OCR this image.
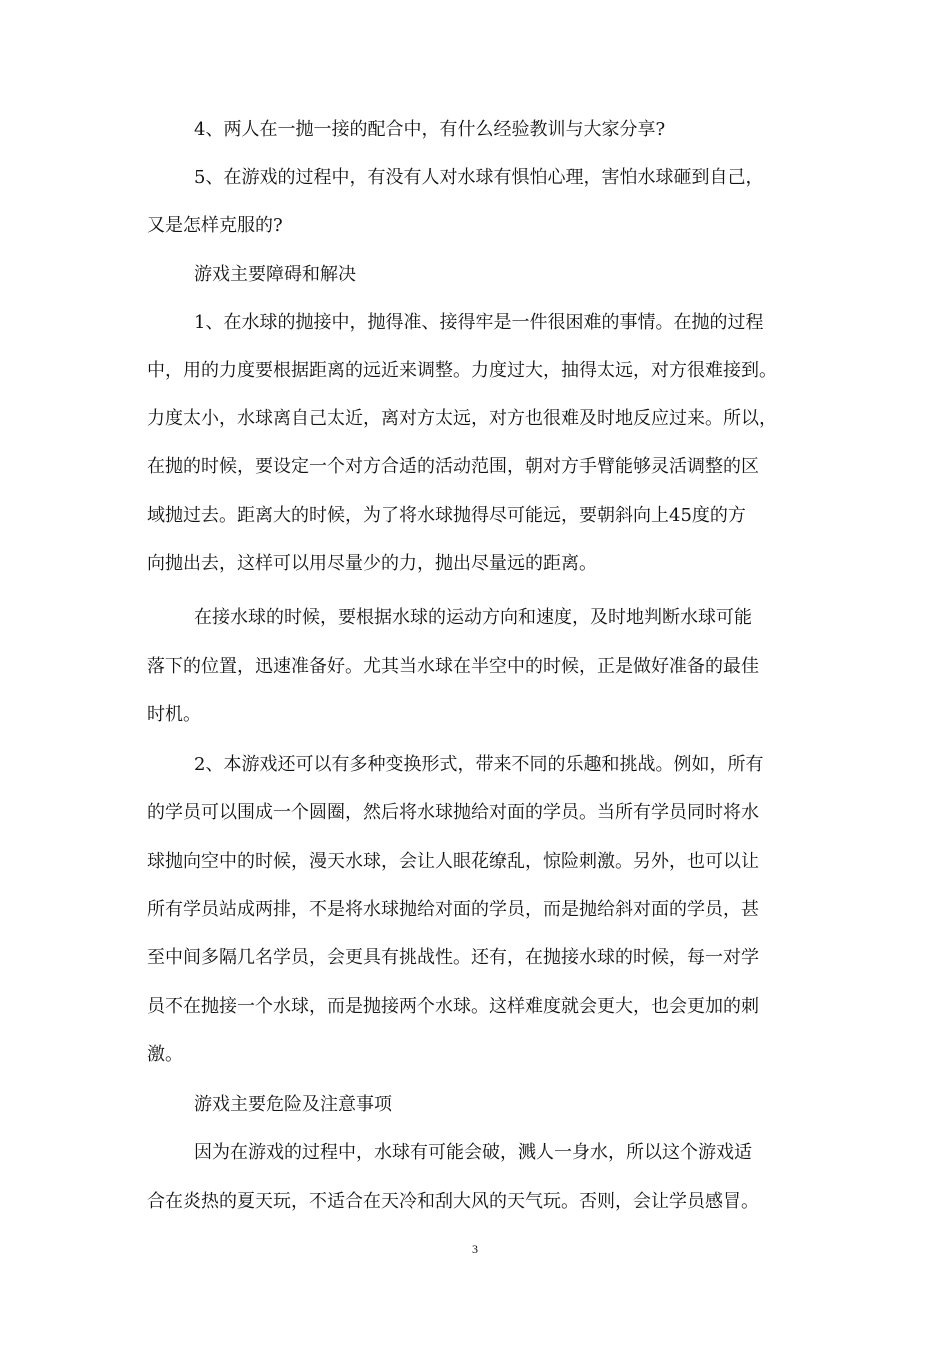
4、两人在一抛一接的配合中，有什么经验教训与大家分享?

5、在游戏的过程中，有没有人对水球有惧怕心理，害怕水球砸到自己，

又是怎样克服的?

游戏主要障碍和解决

1、在水球的抛接中，抛得准、接得牢是一件很困难的事情。在抛的过程

中，用的力度要根据距离的远近来调整。力度过大，抽得太远，对方很难接到。

力度太小，水球离自己太近，离对方太远，对方也很难及时地反应过来。所以，

在抛的时候，要设定一个对方合适的活动范围，朝对方手臂能够灵活调整的区

域抛过去。距离大的时候，为了将水球抛得尽可能远，要朝斜向上45度的方

向抛出去，这样可以用尽量少的力，抛出尽量远的距离。

在接水球的时候，要根据水球的运动方向和速度，及时地判断水球可能

落下的位置，迅速准备好。尤其当水球在半空中的时候，正是做好准备的最佳

时机。

2、本游戏还可以有多种变换形式，带来不同的乐趣和挑战。例如，所有

的学员可以围成一个圆圈，然后将水球抛给对面的学员。当所有学员同时将水

球抛向空中的时候，漫天水球，会让人眼花缭乱，惊险刺激。另外，也可以让

所有学员站成两排，不是将水球抛给对面的学员，而是抛给斜对面的学员，甚

至中间多隔几名学员，会更具有挑战性。还有，在抛接水球的时候，每一对学

员不在抛接一个水球，而是抛接两个水球。这样难度就会更大，也会更加的刺

激。

游戏主要危险及注意事项

因为在游戏的过程中，水球有可能会破，溅人一身水，所以这个游戏适

合在炎热的夏天玩，不适合在天冷和刮大风的天气玩。否则，会让学员感冒。

3
